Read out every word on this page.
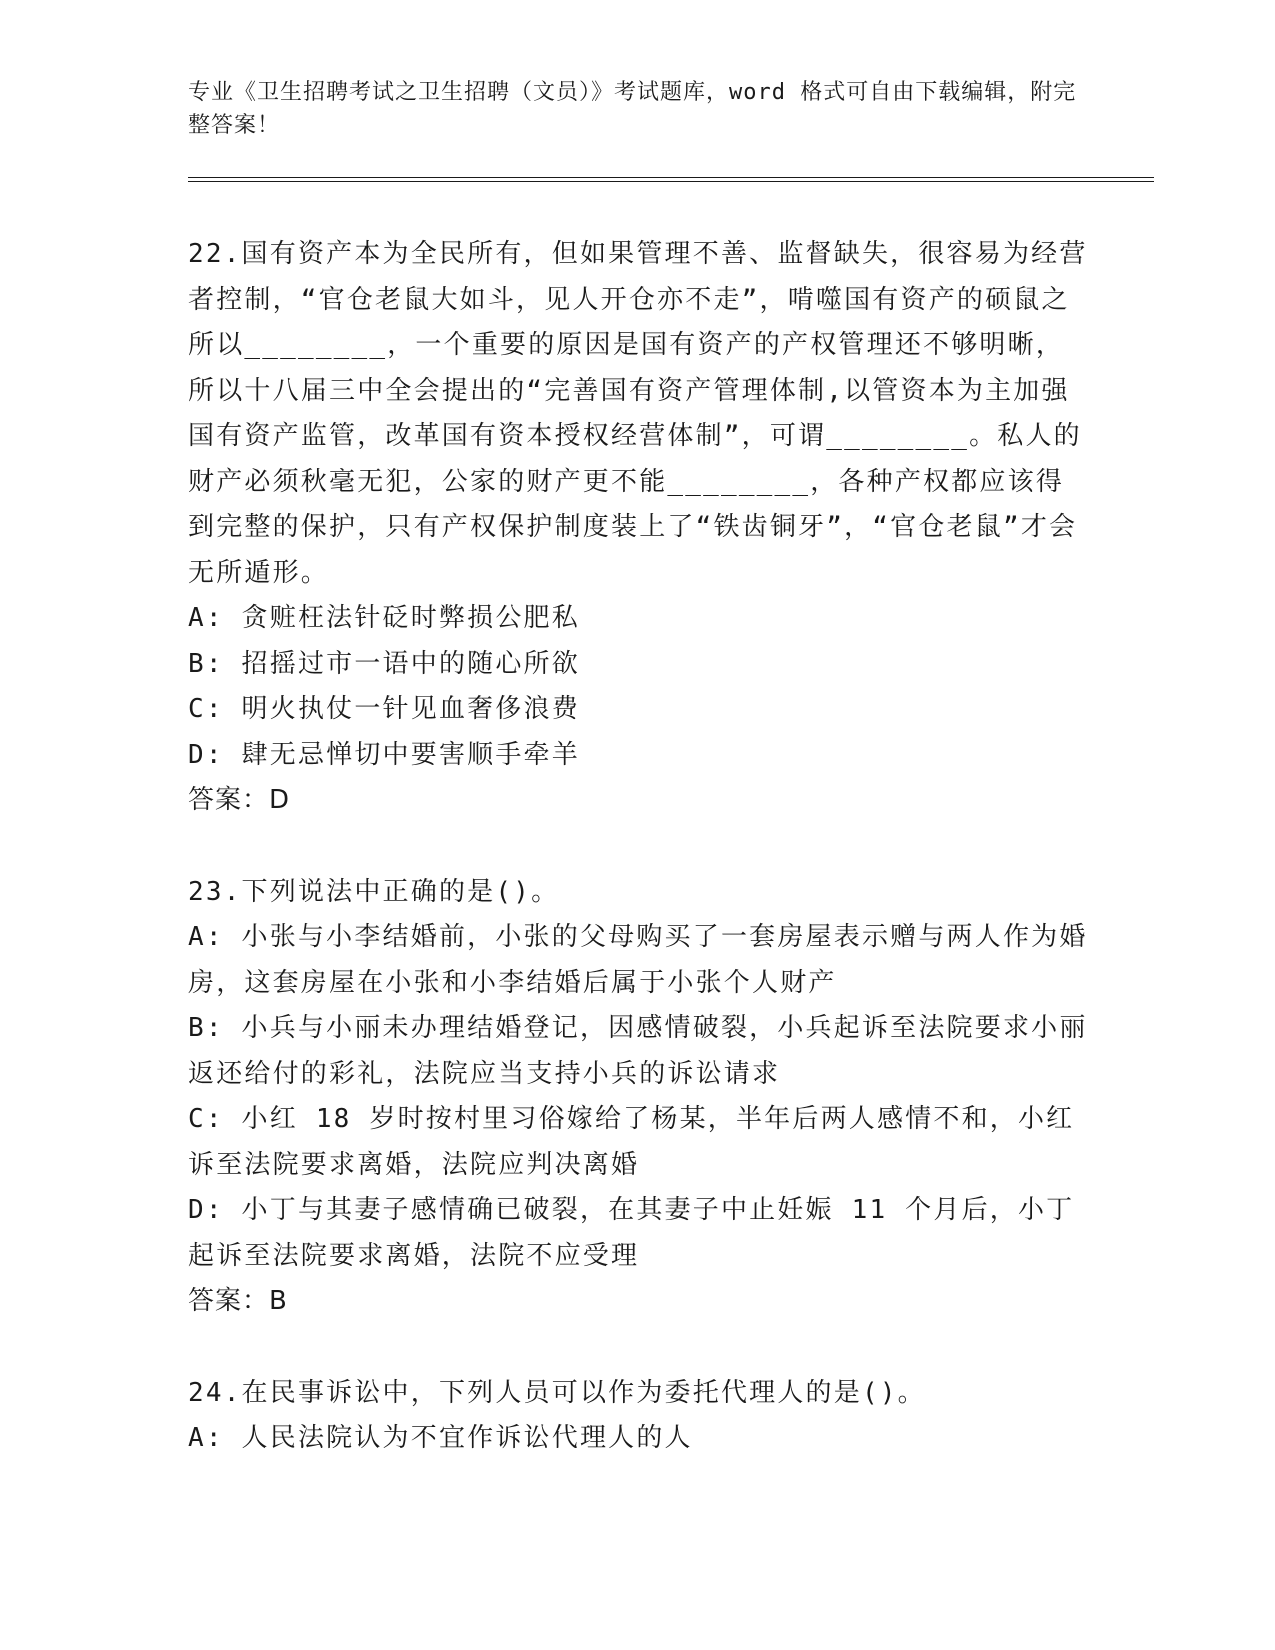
专业《卫生招聘考试之卫生招聘（文员）》考试题库，word 格式可自由下载编辑，附完整答案！
22.国有资产本为全民所有，但如果管理不善、监督缺失，很容易为经营者控制，“官仓老鼠大如斗，见人开仓亦不走”，啃噬国有资产的硕鼠之所以________，一个重要的原因是国有资产的产权管理还不够明晰，所以十八届三中全会提出的“完善国有资产管理体制,以管资本为主加强国有资产监管，改革国有资本授权经营体制”，可谓________。私人的财产必须秋毫无犯，公家的财产更不能________，各种产权都应该得到完整的保护，只有产权保护制度装上了“铁齿铜牙”，“官仓老鼠”才会无所遁形。
A: 贪赃枉法针砭时弊损公肥私
B: 招摇过市一语中的随心所欲
C: 明火执仗一针见血奢侈浪费
D: 肆无忌惮切中要害顺手牵羊
答案：D
23.下列说法中正确的是()。
A: 小张与小李结婚前，小张的父母购买了一套房屋表示赠与两人作为婚房，这套房屋在小张和小李结婚后属于小张个人财产
B: 小兵与小丽未办理结婚登记，因感情破裂，小兵起诉至法院要求小丽返还给付的彩礼，法院应当支持小兵的诉讼请求
C: 小红 18 岁时按村里习俗嫁给了杨某，半年后两人感情不和，小红诉至法院要求离婚，法院应判决离婚
D: 小丁与其妻子感情确已破裂，在其妻子中止妊娠 11 个月后，小丁起诉至法院要求离婚，法院不应受理
答案：B
24.在民事诉讼中，下列人员可以作为委托代理人的是()。
A: 人民法院认为不宜作诉讼代理人的人
